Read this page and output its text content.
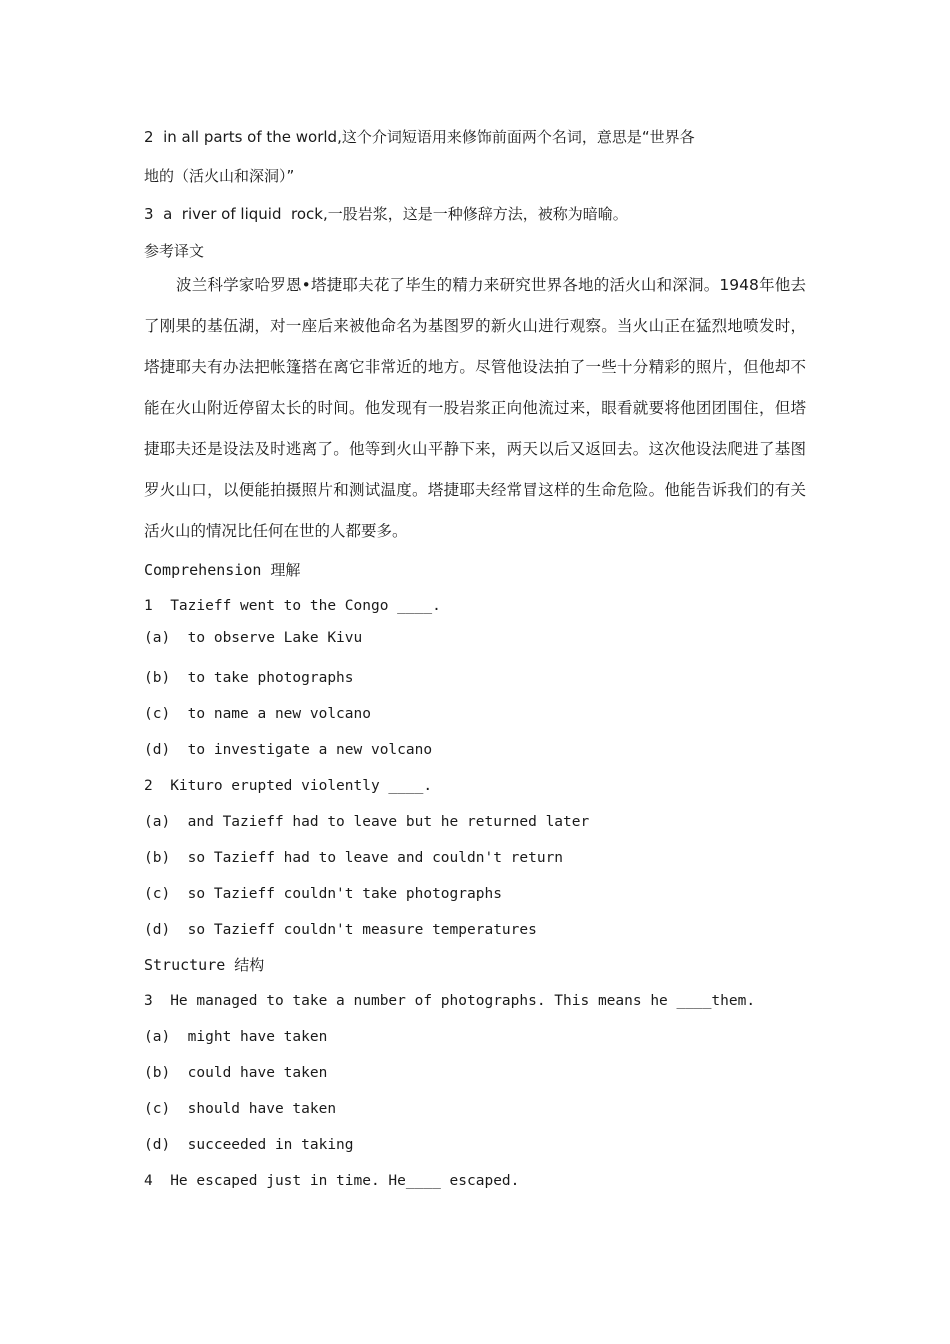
2  in all parts of the world,这个介词短语用来修饰前面两个名词，意思是“世界各
地的（活火山和深洞）”
3  a  river of liquid  rock,一股岩浆，这是一种修辞方法，被称为暗喻。
参考译文
波兰科学家哈罗恩•塔捷耶夫花了毕生的精力来研究世界各地的活火山和深洞。1948年他去了刚果的基伍湖，对一座后来被他命名为基图罗的新火山进行观察。当火山正在猛烈地喷发时，塔捷耶夫有办法把帐篷搭在离它非常近的地方。尽管他设法拍了一些十分精彩的照片，但他却不能在火山附近停留太长的时间。他发现有一股岩浆正向他流过来，眼看就要将他团团围住，但塔捷耶夫还是设法及时逃离了。他等到火山平静下来，两天以后又返回去。这次他设法爬进了基图罗火山口，以便能拍摄照片和测试温度。塔捷耶夫经常冒这样的生命危险。他能告诉我们的有关活火山的情况比任何在世的人都要多。
Comprehension 理解
1  Tazieff went to the Congo ____.
(a)  to observe Lake Kivu
(b)  to take photographs
(c)  to name a new volcano
(d)  to investigate a new volcano
2  Kituro erupted violently ____.
(a)  and Tazieff had to leave but he returned later
(b)  so Tazieff had to leave and couldn't return
(c)  so Tazieff couldn't take photographs
(d)  so Tazieff couldn't measure temperatures
Structure 结构
3  He managed to take a number of photographs. This means he ____them.
(a)  might have taken
(b)  could have taken
(c)  should have taken
(d)  succeeded in taking
4  He escaped just in time. He____ escaped.
